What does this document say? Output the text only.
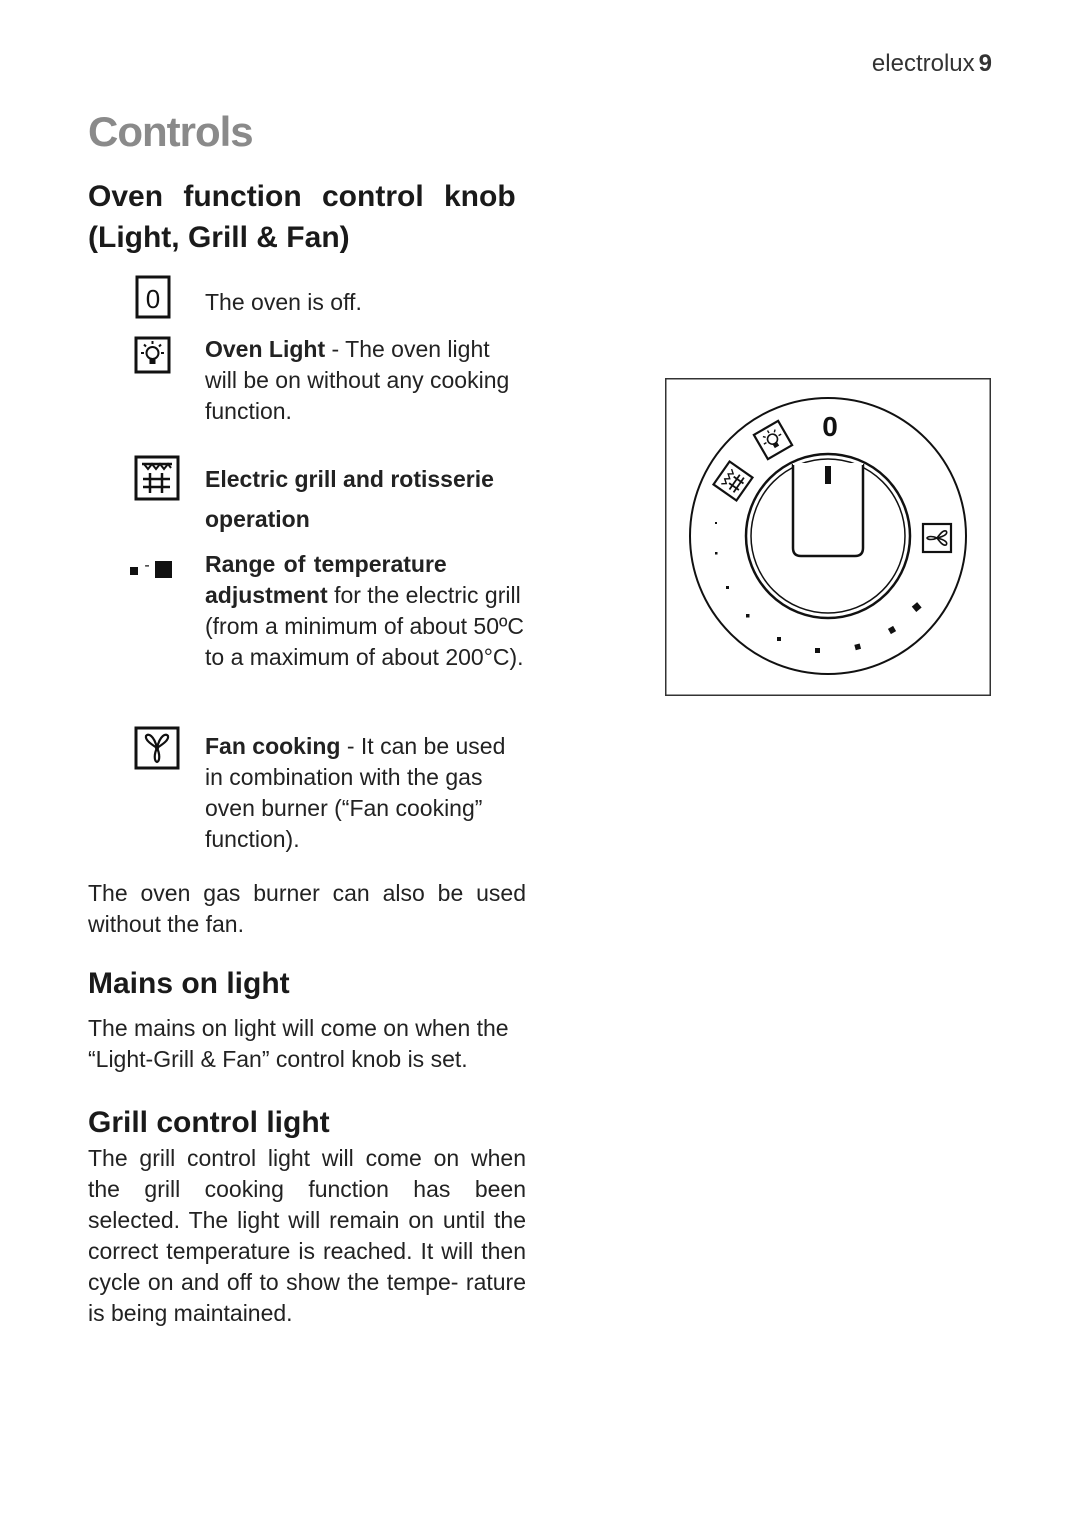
electrolux 9
Controls
Oven function control knob
(Light, Grill & Fan)
0 The oven is off.
Oven Light - The oven light will be on without any cooking function.
Electric grill and rotisserie operation
- Range of temperature adjustment for the electric grill (from a minimum of about 50ºC to a maximum of about 200°C).
Fan cooking - It can be used in combination with the gas oven burner (“Fan cooking” function).
The oven gas burner can also be used without the fan.
Mains on light
The mains on light will come on when the “Light-Grill & Fan” control knob is set.
Grill control light
The grill control light will come on when the grill cooking function has been selected. The light will remain on until the correct temperature is reached. It will then cycle on and off to show the tempe- rature is being maintained.
0
